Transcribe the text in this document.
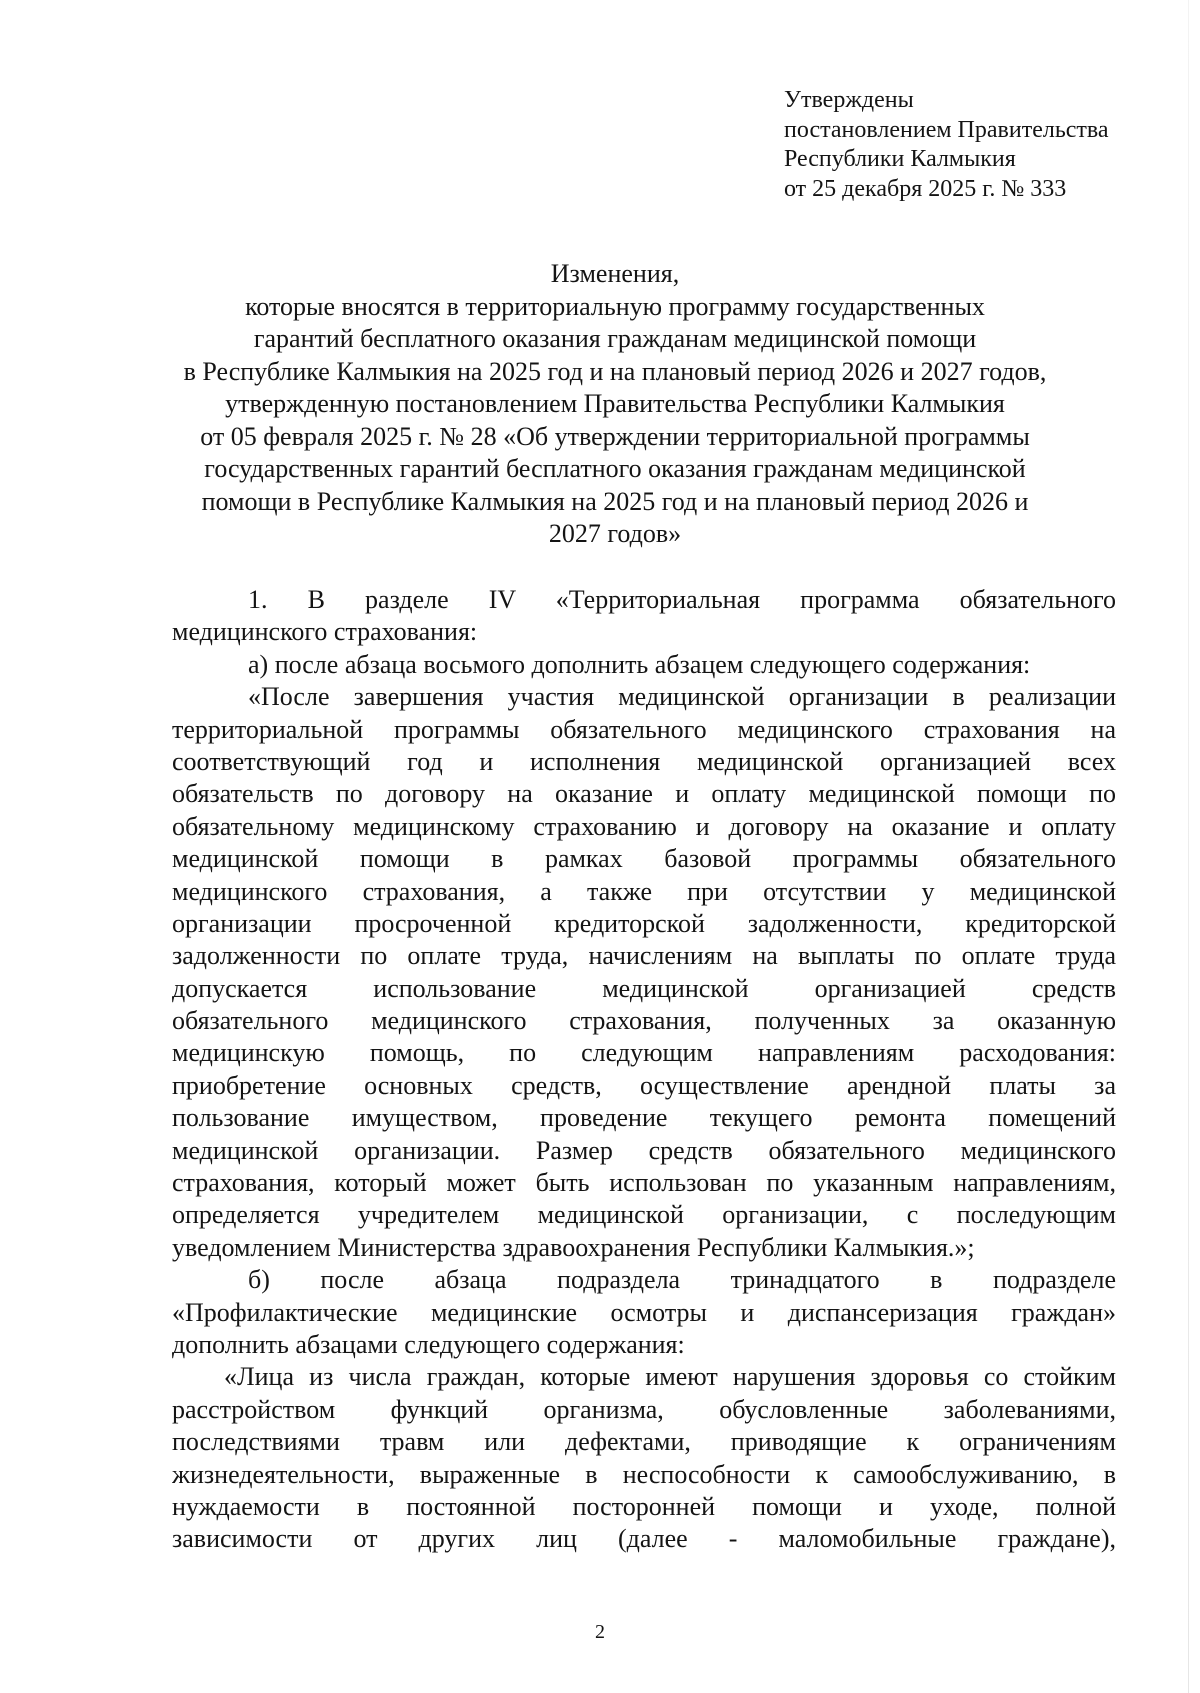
Утверждены
постановлением Правительства
Республики Калмыкия
от 25 декабря 2025 г. № 333
Изменения,
которые вносятся в территориальную программу государственных
гарантий бесплатного оказания гражданам медицинской помощи
в Республике Калмыкия на 2025 год и на плановый период 2026 и 2027 годов,
утвержденную постановлением Правительства Республики Калмыкия
от 05 февраля 2025 г. № 28 «Об утверждении территориальной программы
государственных гарантий бесплатного оказания гражданам медицинской
помощи в Республике Калмыкия на 2025 год и на плановый период 2026 и
2027 годов»
1. В разделе IV «Территориальная программа обязательного
медицинского страхования:
а) после абзаца восьмого дополнить абзацем следующего содержания:
«После завершения участия медицинской организации в реализации
территориальной программы обязательного медицинского страхования на
соответствующий год и исполнения медицинской организацией всех
обязательств по договору на оказание и оплату медицинской помощи по
обязательному медицинскому страхованию и договору на оказание и оплату
медицинской помощи в рамках базовой программы обязательного
медицинского страхования, а также при отсутствии у медицинской
организации просроченной кредиторской задолженности, кредиторской
задолженности по оплате труда, начислениям на выплаты по оплате труда
допускается использование медицинской организацией средств
обязательного медицинского страхования, полученных за оказанную
медицинскую помощь, по следующим направлениям расходования:
приобретение основных средств, осуществление арендной платы за
пользование имуществом, проведение текущего ремонта помещений
медицинской организации. Размер средств обязательного медицинского
страхования, который может быть использован по указанным направлениям,
определяется учредителем медицинской организации, с последующим
уведомлением Министерства здравоохранения Республики Калмыкия.»;
б) после абзаца подраздела тринадцатого в подразделе
«Профилактические медицинские осмотры и диспансеризация граждан»
дополнить абзацами следующего содержания:
«Лица из числа граждан, которые имеют нарушения здоровья со стойким
расстройством функций организма, обусловленные заболеваниями,
последствиями травм или дефектами, приводящие к ограничениям
жизнедеятельности, выраженные в неспособности к самообслуживанию, в
нуждаемости в постоянной посторонней помощи и уходе, полной
зависимости от других лиц (далее - маломобильные граждане),
2
